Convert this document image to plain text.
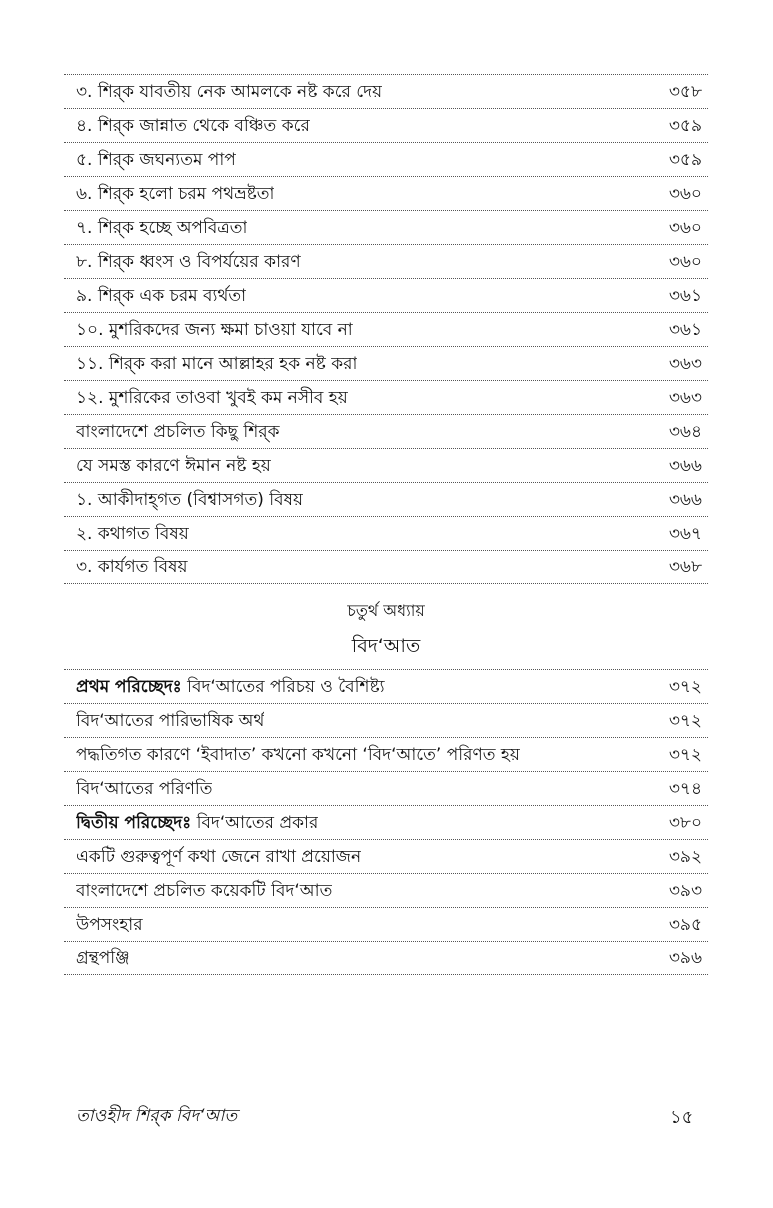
৩. শির্‌ক যাবতীয় নেক আমলকে নষ্ট করে দেয়	৩৫৮
৪. শির্‌ক জান্নাত থেকে বঞ্চিত করে	৩৫৯
৫. শির্‌ক জঘন্যতম পাপ	৩৫৯
৬. শির্‌ক হলো চরম পথভ্রষ্টতা	৩৬০
৭. শির্‌ক হচ্ছে অপবিত্রতা	৩৬০
৮. শির্‌ক ধ্বংস ও বিপর্যয়ের কারণ	৩৬০
৯. শির্‌ক এক চরম ব্যর্থতা	৩৬১
১০. মুশরিকদের জন্য ক্ষমা চাওয়া যাবে না	৩৬১
১১. শির্‌ক করা মানে আল্লাহর হক নষ্ট করা	৩৬৩
১২. মুশরিকের তাওবা খুবই কম নসীব হয়	৩৬৩
বাংলাদেশে প্রচলিত কিছু শির্‌ক	৩৬৪
যে সমস্ত কারণে ঈমান নষ্ট হয়	৩৬৬
১. আকীদাহ্‌গত (বিশ্বাসগত) বিষয়	৩৬৬
২. কথাগত বিষয়	৩৬৭
৩. কার্যগত বিষয়	৩৬৮
চতুর্থ অধ্যায়
বিদ‘আত
প্রথম পরিচ্ছেদঃ বিদ‘আতের পরিচয় ও বৈশিষ্ট্য	৩৭২
বিদ‘আতের পারিভাষিক অর্থ	৩৭২
পদ্ধতিগত কারণে ‘ইবাদাত’ কখনো কখনো ‘বিদ‘আতে’ পরিণত হয়	৩৭২
বিদ‘আতের পরিণতি	৩৭৪
দ্বিতীয় পরিচ্ছেদঃ বিদ‘আতের প্রকার	৩৮০
একটি গুরুত্বপূর্ণ কথা জেনে রাখা প্রয়োজন	৩৯২
বাংলাদেশে প্রচলিত কয়েকটি বিদ‘আত	৩৯৩
উপসংহার	৩৯৫
গ্রন্থপঞ্জি	৩৯৬
তাওহীদ শির্‌ক বিদ‘আত	১৫
